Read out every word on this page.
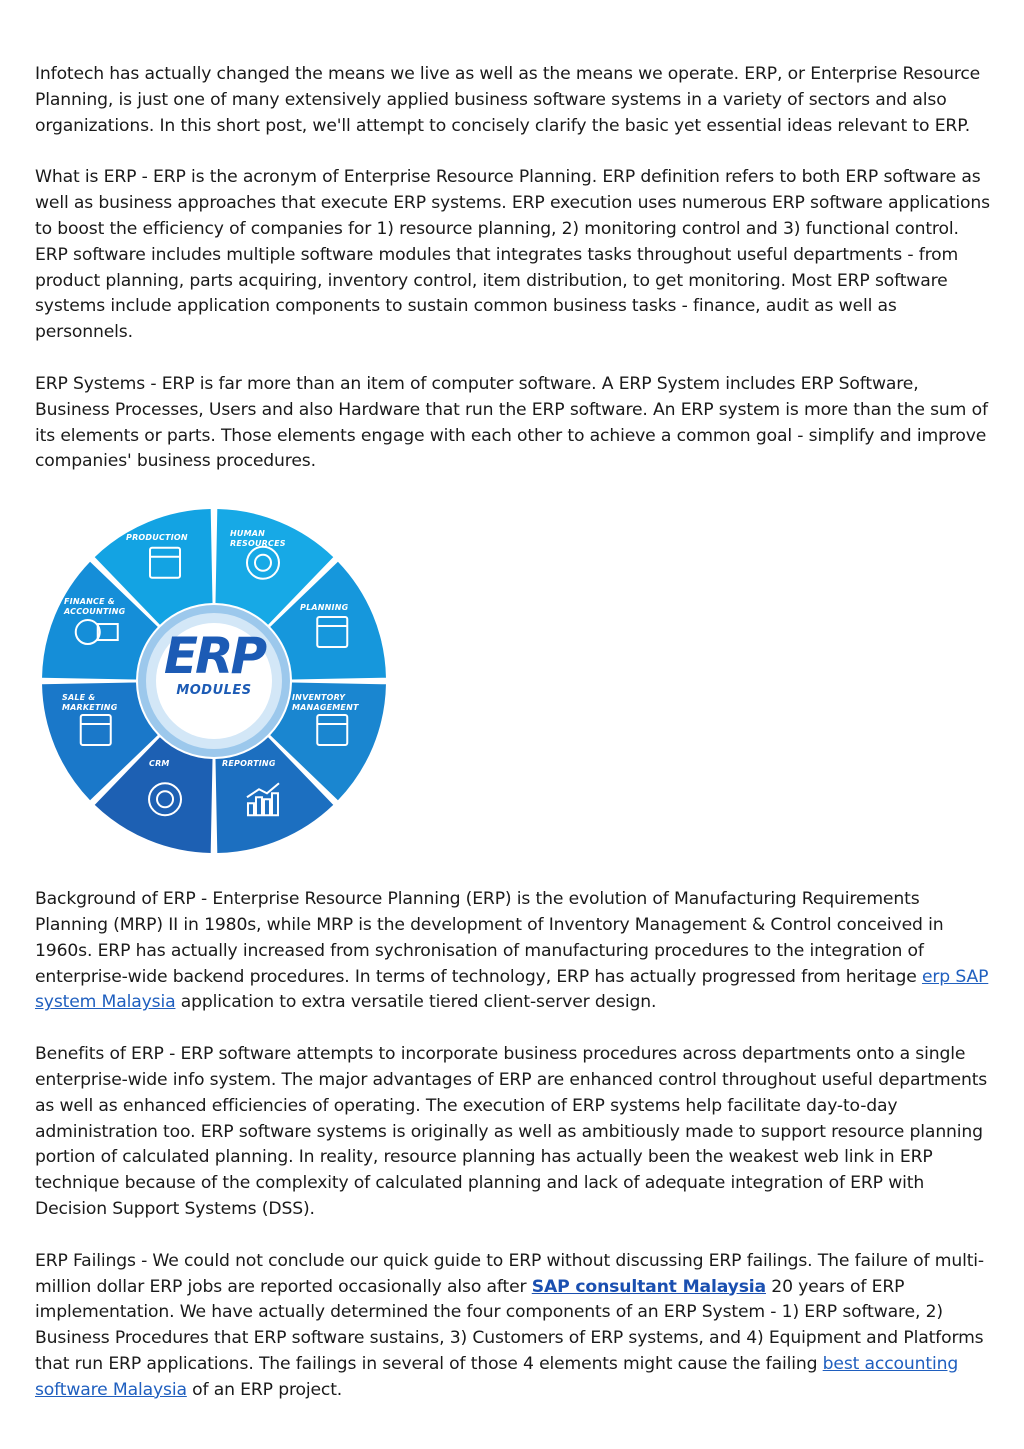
Infotech has actually changed the means we live as well as the means we operate. ERP, or Enterprise Resource Planning, is just one of many extensively applied business software systems in a variety of sectors and also organizations. In this short post, we'll attempt to concisely clarify the basic yet essential ideas relevant to ERP.

What is ERP - ERP is the acronym of Enterprise Resource Planning. ERP definition refers to both ERP software as well as business approaches that execute ERP systems. ERP execution uses numerous ERP software applications to boost the efficiency of companies for 1) resource planning, 2) monitoring control and 3) functional control. ERP software includes multiple software modules that integrates tasks throughout useful departments - from product planning, parts acquiring, inventory control, item distribution, to get monitoring. Most ERP software systems include application components to sustain common business tasks - finance, audit as well as personnels.

ERP Systems - ERP is far more than an item of computer software. A ERP System includes ERP Software, Business Processes, Users and also Hardware that run the ERP software. An ERP system is more than the sum of its elements or parts. Those elements engage with each other to achieve a common goal - simplify and improve companies' business procedures.

ERP
MODULES
HUMAN RESOURCES
PLANNING
INVENTORY MANAGEMENT
REPORTING
CRM
SALE & MARKETING
FINANCE & ACCOUNTING
PRODUCTION

Background of ERP - Enterprise Resource Planning (ERP) is the evolution of Manufacturing Requirements Planning (MRP) II in 1980s, while MRP is the development of Inventory Management & Control conceived in 1960s. ERP has actually increased from sychronisation of manufacturing procedures to the integration of enterprise-wide backend procedures. In terms of technology, ERP has actually progressed from heritage erp SAP system Malaysia application to extra versatile tiered client-server design.

Benefits of ERP - ERP software attempts to incorporate business procedures across departments onto a single enterprise-wide info system. The major advantages of ERP are enhanced control throughout useful departments as well as enhanced efficiencies of operating. The execution of ERP systems help facilitate day-to-day administration too. ERP software systems is originally as well as ambitiously made to support resource planning portion of calculated planning. In reality, resource planning has actually been the weakest web link in ERP technique because of the complexity of calculated planning and lack of adequate integration of ERP with Decision Support Systems (DSS).

ERP Failings - We could not conclude our quick guide to ERP without discussing ERP failings. The failure of multi-million dollar ERP jobs are reported occasionally also after SAP consultant Malaysia 20 years of ERP implementation. We have actually determined the four components of an ERP System - 1) ERP software, 2) Business Procedures that ERP software sustains, 3) Customers of ERP systems, and 4) Equipment and Platforms that run ERP applications. The failings in several of those 4 elements might cause the failing best accounting software Malaysia of an ERP project.
